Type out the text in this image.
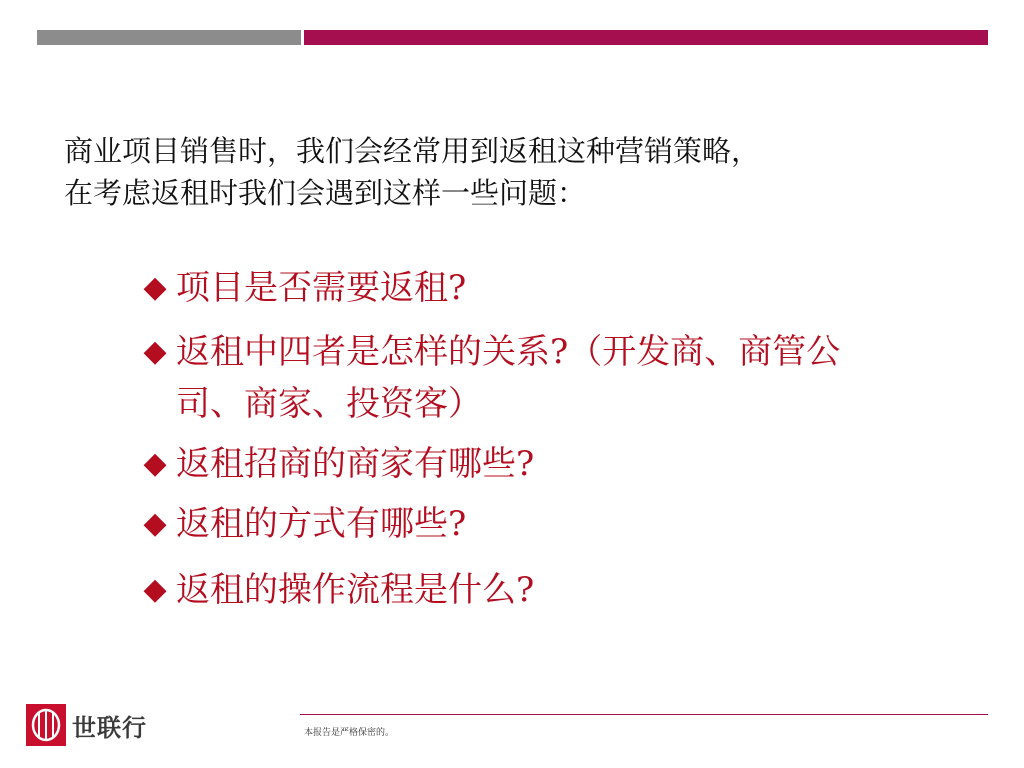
商业项目销售时，我们会经常用到返租这种营销策略，
在考虑返租时我们会遇到这样一些问题：
◆ 项目是否需要返租?
◆ 返租中四者是怎样的关系?（开发商、商管公司、商家、投资客）
◆ 返租招商的商家有哪些?
◆ 返租的方式有哪些?
◆ 返租的操作流程是什么?
世联行	本报告是严格保密的。
